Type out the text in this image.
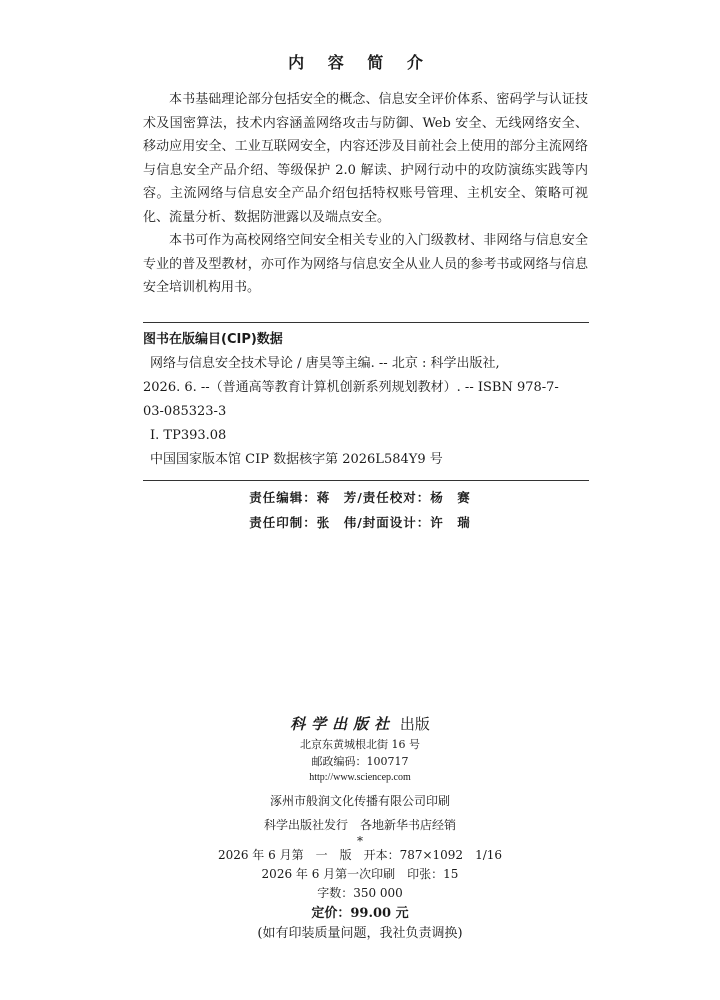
内 容 简 介

本书基础理论部分包括安全的概念、信息安全评价体系、密码学与认证技术及国密算法，技术内容涵盖网络攻击与防御、Web 安全、无线网络安全、移动应用安全、工业互联网安全，内容还涉及目前社会上使用的部分主流网络与信息安全产品介绍、等级保护 2.0 解读、护网行动中的攻防演练实践等内容。主流网络与信息安全产品介绍包括特权账号管理、主机安全、策略可视化、流量分析、数据防泄露以及端点安全。

本书可作为高校网络空间安全相关专业的入门级教材、非网络与信息安全专业的普及型教材，亦可作为网络与信息安全从业人员的参考书或网络与信息安全培训机构用书。

图书在版编目(CIP)数据
网络与信息安全技术导论 / 唐昊等主编. -- 北京 : 科学出版社,
2026. 6. --（普通高等教育计算机创新系列规划教材）. -- ISBN 978-7-
03-085323-3
Ⅰ. TP393.08
中国国家版本馆 CIP 数据核字第 2026L584Y9 号
责任编辑：蒋　芳/责任校对：杨　赛
责任印制：张　伟/封面设计：许　瑞
科学出版社 出版
北京东黄城根北街 16 号
邮政编码：100717
http://www.sciencep.com
涿州市般润文化传播有限公司印刷
科学出版社发行　各地新华书店经销
*
2026 年 6 月第　一　版　开本：787×1092　1/16
2026 年 6 月第一次印刷　印张：15
字数：350 000
定价：99.00 元
(如有印装质量问题，我社负责调换)
